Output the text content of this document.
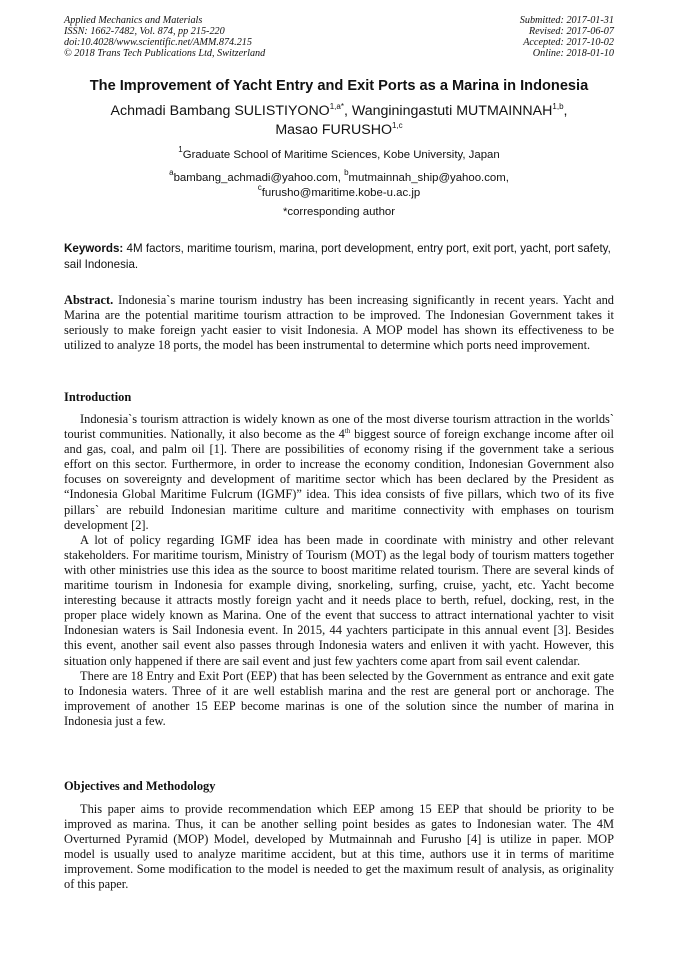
Applied Mechanics and Materials
ISSN: 1662-7482, Vol. 874, pp 215-220
doi:10.4028/www.scientific.net/AMM.874.215
© 2018 Trans Tech Publications Ltd, Switzerland
Submitted: 2017-01-31
Revised: 2017-06-07
Accepted: 2017-10-02
Online: 2018-01-10
The Improvement of Yacht Entry and Exit Ports as a Marina in Indonesia
Achmadi Bambang $SULISTIYONO^{1,a*}$, Wanginingastuti MUTMAINNAH$^{1,b}$,
Masao FURUSHO$^{1,c}$
$^1$Graduate School of Maritime Sciences, Kobe University, Japan
$^a$bambang_achmadi@yahoo.com, $^b$mutmainnah_ship@yahoo.com,
$^c$furusho@maritime.kobe-u.ac.jp
*corresponding author
Keywords: 4M factors, maritime tourism, marina, port development, entry port, exit port, yacht, port safety, sail Indonesia.
Abstract. Indonesia`s marine tourism industry has been increasing significantly in recent years. Yacht and Marina are the potential maritime tourism attraction to be improved. The Indonesian Government takes it seriously to make foreign yacht easier to visit Indonesia. A MOP model has shown its effectiveness to be utilized to analyze 18 ports, the model has been instrumental to determine which ports need improvement.
Introduction

Indonesia`s tourism attraction is widely known as one of the most diverse tourism attraction in the worlds` tourist communities. Nationally, it also become as the 4th biggest source of foreign exchange income after oil and gas, coal, and palm oil [1]. There are possibilities of economy rising if the government take a serious effort on this sector. Furthermore, in order to increase the economy condition, Indonesian Government also focuses on sovereignty and development of maritime sector which has been declared by the President as “Indonesia Global Maritime Fulcrum (IGMF)” idea. This idea consists of five pillars, which two of its five pillars` are rebuild Indonesian maritime culture and maritime connectivity with emphases on tourism development [2].

A lot of policy regarding IGMF idea has been made in coordinate with ministry and other relevant stakeholders. For maritime tourism, Ministry of Tourism (MOT) as the legal body of tourism matters together with other ministries use this idea as the source to boost maritime related tourism. There are several kinds of maritime tourism in Indonesia for example diving, snorkeling, surfing, cruise, yacht, etc. Yacht become interesting because it attracts mostly foreign yacht and it needs place to berth, refuel, docking, rest, in the proper place widely known as Marina. One of the event that success to attract international yachter to visit Indonesian waters is Sail Indonesia event. In 2015, 44 yachters participate in this annual event [3]. Besides this event, another sail event also passes through Indonesia waters and enliven it with yacht. However, this situation only happened if there are sail event and just few yachters come apart from sail event calendar.

There are 18 Entry and Exit Port (EEP) that has been selected by the Government as entrance and exit gate to Indonesia waters. Three of it are well establish marina and the rest are general port or anchorage. The improvement of another 15 EEP become marinas is one of the solution since the number of marina in Indonesia just a few.

Objectives and Methodology

This paper aims to provide recommendation which EEP among 15 EEP that should be priority to be improved as marina. Thus, it can be another selling point besides as gates to Indonesian water. The 4M Overturned Pyramid (MOP) Model, developed by Mutmainnah and Furusho [4] is utilize in paper. MOP model is usually used to analyze maritime accident, but at this time, authors use it in terms of maritime improvement. Some modification to the model is needed to get the maximum result of analysis, as originality of this paper.
